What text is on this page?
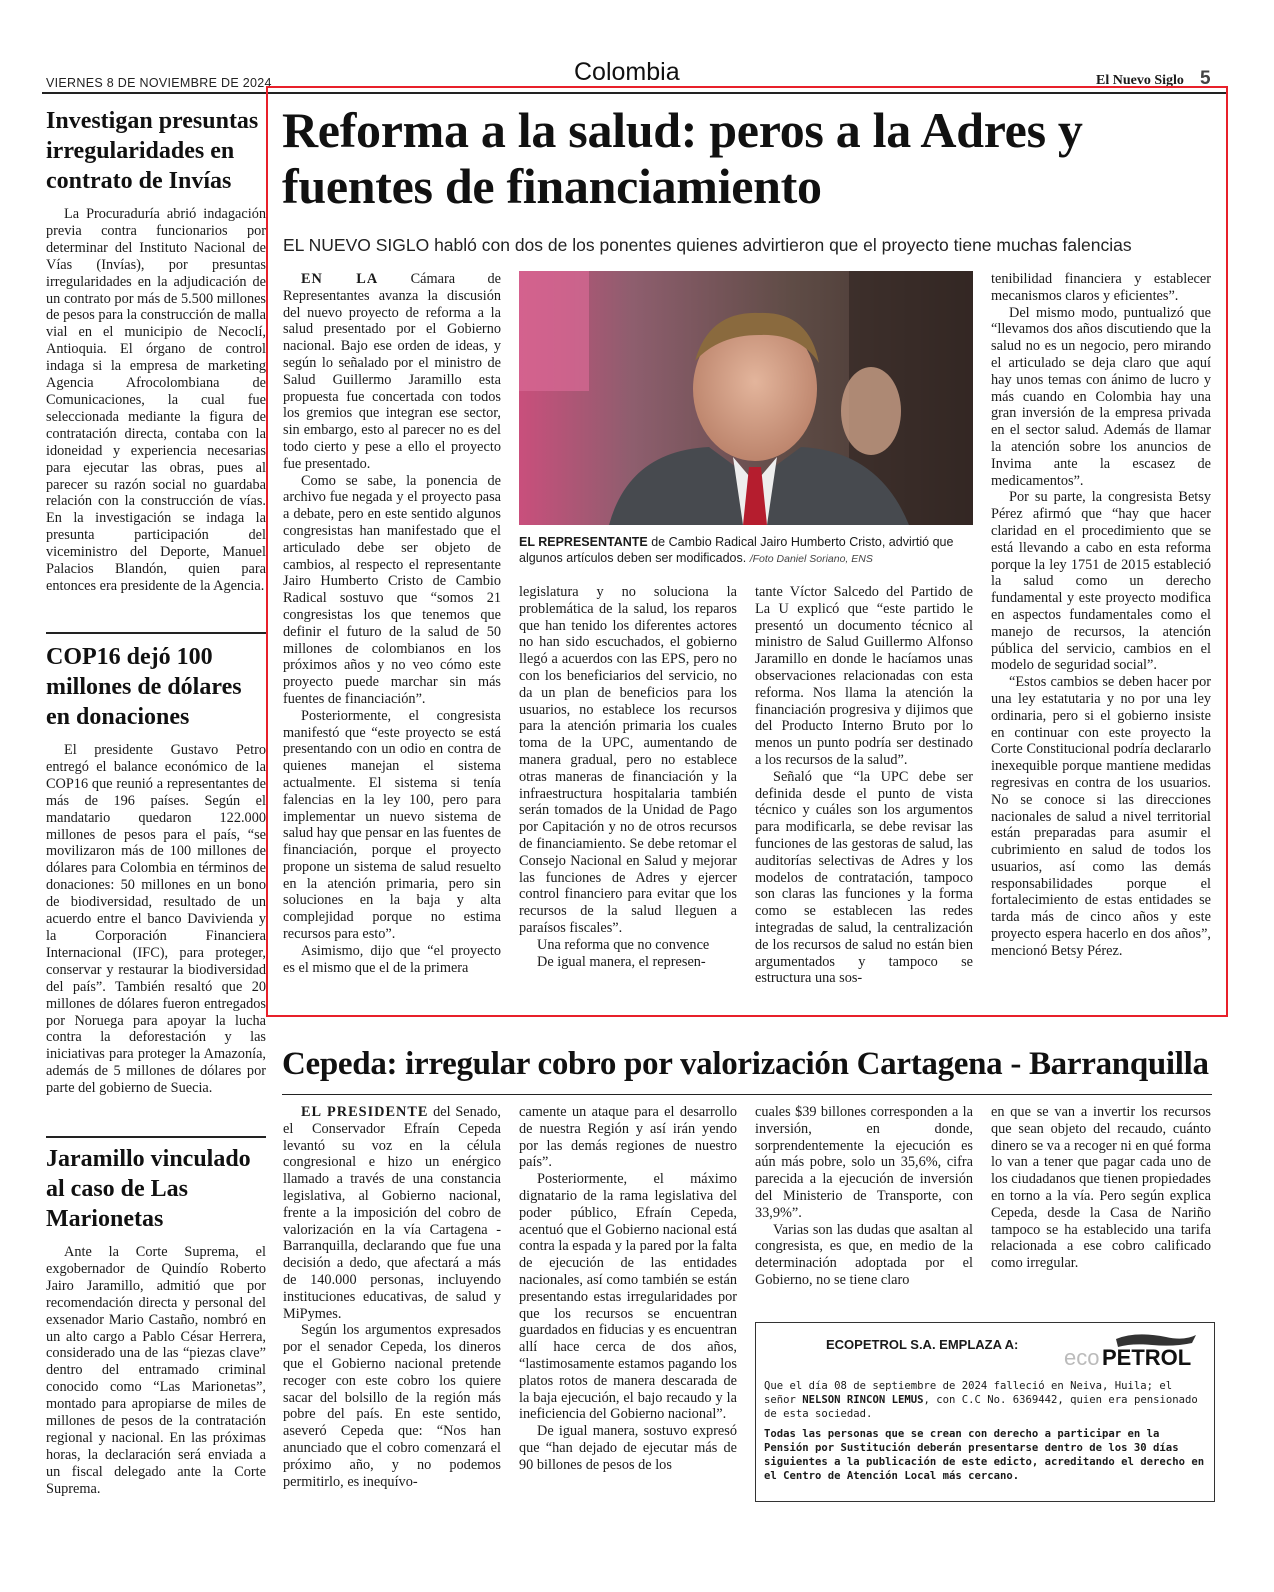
VIERNES 8 DE NOVIEMBRE DE 2024	Colombia	El Nuevo Siglo 5
Investigan presuntas irregularidades en contrato de Invías
La Procuraduría abrió indagación previa contra funcionarios por determinar del Instituto Nacional de Vías (Invías), por presuntas irregularidades en la adjudicación de un contrato por más de 5.500 millones de pesos para la construcción de malla vial en el municipio de Necoclí, Antioquia. El órgano de control indaga si la empresa de marketing Agencia Afrocolombiana de Comunicaciones, la cual fue seleccionada mediante la figura de contratación directa, contaba con la idoneidad y experiencia necesarias para ejecutar las obras, pues al parecer su razón social no guardaba relación con la construcción de vías. En la investigación se indaga la presunta participación del viceministro del Deporte, Manuel Palacios Blandón, quien para entonces era presidente de la Agencia.
COP16 dejó 100 millones de dólares en donaciones
El presidente Gustavo Petro entregó el balance económico de la COP16 que reunió a representantes de más de 196 países. Según el mandatario quedaron 122.000 millones de pesos para el país, “se movilizaron más de 100 millones de dólares para Colombia en términos de donaciones: 50 millones en un bono de biodiversidad, resultado de un acuerdo entre el banco Davivienda y la Corporación Financiera Internacional (IFC), para proteger, conservar y restaurar la biodiversidad del país”. También resaltó que 20 millones de dólares fueron entregados por Noruega para apoyar la lucha contra la deforestación y las iniciativas para proteger la Amazonía, además de 5 millones de dólares por parte del gobierno de Suecia.
Jaramillo vinculado al caso de Las Marionetas
Ante la Corte Suprema, el exgobernador de Quindío Roberto Jairo Jaramillo, admitió que por recomendación directa y personal del exsenador Mario Castaño, nombró en un alto cargo a Pablo César Herrera, considerado una de las “piezas clave” dentro del entramado criminal conocido como “Las Marionetas”, montado para apropiarse de miles de millones de pesos de la contratación regional y nacional. En las próximas horas, la declaración será enviada a un fiscal delegado ante la Corte Suprema.
Reforma a la salud: peros a la Adres y fuentes de financiamiento
EL NUEVO SIGLO habló con dos de los ponentes quienes advirtieron que el proyecto tiene muchas falencias

EN LA Cámara de Representantes avanza la discusión del nuevo proyecto de reforma a la salud presentado por el Gobierno nacional. Bajo ese orden de ideas, y según lo señalado por el ministro de Salud Guillermo Jaramillo esta propuesta fue concertada con todos los gremios que integran ese sector, sin embargo, esto al parecer no es del todo cierto y pese a ello el proyecto fue presentado.

Como se sabe, la ponencia de archivo fue negada y el proyecto pasa a debate, pero en este sentido algunos congresistas han manifestado que el articulado debe ser objeto de cambios, al respecto el representante Jairo Humberto Cristo de Cambio Radical sostuvo que “somos 21 congresistas los que tenemos que definir el futuro de la salud de 50 millones de colombianos en los próximos años y no veo cómo este proyecto puede marchar sin más fuentes de financiación”.

Posteriormente, el congresista manifestó que “este proyecto se está presentando con un odio en contra de quienes manejan el sistema actualmente. El sistema si tenía falencias en la ley 100, pero para implementar un nuevo sistema de salud hay que pensar en las fuentes de financiación, porque el proyecto propone un sistema de salud resuelto en la atención primaria, pero sin soluciones en la baja y alta complejidad porque no estima recursos para esto”.

Asimismo, dijo que “el proyecto es el mismo que el de la primera

EL REPRESENTANTE de Cambio Radical Jairo Humberto Cristo, advirtió que algunos artículos deben ser modificados. /Foto Daniel Soriano, ENS

legislatura y no soluciona la problemática de la salud, los reparos que han tenido los diferentes actores no han sido escuchados, el gobierno llegó a acuerdos con las EPS, pero no con los beneficiarios del servicio, no da un plan de beneficios para los usuarios, no establece los recursos para la atención primaria los cuales toma de la UPC, aumentando de manera gradual, pero no establece otras maneras de financiación y la infraestructura hospitalaria también serán tomados de la Unidad de Pago por Capitación y no de otros recursos de financiamiento. Se debe retomar el Consejo Nacional en Salud y mejorar las funciones de Adres y ejercer control financiero para evitar que los recursos de la salud lleguen a paraísos fiscales”.

Una reforma que no convence

De igual manera, el represen-

tante Víctor Salcedo del Partido de La U explicó que “este partido le presentó un documento técnico al ministro de Salud Guillermo Alfonso Jaramillo en donde le hacíamos unas observaciones relacionadas con esta reforma. Nos llama la atención la financiación progresiva y dijimos que del Producto Interno Bruto por lo menos un punto podría ser destinado a los recursos de la salud”.

Señaló que “la UPC debe ser definida desde el punto de vista técnico y cuáles son los argumentos para modificarla, se debe revisar las funciones de las gestoras de salud, las auditorías selectivas de Adres y los modelos de contratación, tampoco son claras las funciones y la forma como se establecen las redes integradas de salud, la centralización de los recursos de salud no están bien argumentados y tampoco se estructura una sos-

tenibilidad financiera y establecer mecanismos claros y eficientes”.

Del mismo modo, puntualizó que “llevamos dos años discutiendo que la salud no es un negocio, pero mirando el articulado se deja claro que aquí hay unos temas con ánimo de lucro y más cuando en Colombia hay una gran inversión de la empresa privada en el sector salud. Además de llamar la atención sobre los anuncios de Invima ante la escasez de medicamentos”.

Por su parte, la congresista Betsy Pérez afirmó que “hay que hacer claridad en el procedimiento que se está llevando a cabo en esta reforma porque la ley 1751 de 2015 estableció la salud como un derecho fundamental y este proyecto modifica en aspectos fundamentales como el manejo de recursos, la atención pública del servicio, cambios en el modelo de seguridad social”.

“Estos cambios se deben hacer por una ley estatutaria y no por una ley ordinaria, pero si el gobierno insiste en continuar con este proyecto la Corte Constitucional podría declararlo inexequible porque mantiene medidas regresivas en contra de los usuarios. No se conoce si las direcciones nacionales de salud a nivel territorial están preparadas para asumir el cubrimiento en salud de todos los usuarios, así como las demás responsabilidades porque el fortalecimiento de estas entidades se tarda más de cinco años y este proyecto espera hacerlo en dos años”, mencionó Betsy Pérez.

Cepeda: irregular cobro por valorización Cartagena - Barranquilla

EL PRESIDENTE del Senado, el Conservador Efraín Cepeda levantó su voz en la célula congresional e hizo un enérgico llamado a través de una constancia legislativa, al Gobierno nacional, frente a la imposición del cobro de valorización en la vía Cartagena - Barranquilla, declarando que fue una decisión a dedo, que afectará a más de 140.000 personas, incluyendo instituciones educativas, de salud y MiPymes.

Según los argumentos expresados por el senador Cepeda, los dineros que el Gobierno nacional pretende recoger con este cobro los quiere sacar del bolsillo de la región más pobre del país. En este sentido, aseveró Cepeda que: “Nos han anunciado que el cobro comenzará el próximo año, y no podemos permitirlo, es inequívo-

camente un ataque para el desarrollo de nuestra Región y así irán yendo por las demás regiones de nuestro país”.

Posteriormente, el máximo dignatario de la rama legislativa del poder público, Efraín Cepeda, acentuó que el Gobierno nacional está contra la espada y la pared por la falta de ejecución de las entidades nacionales, así como también se están presentando estas irregularidades por que los recursos se encuentran guardados en fiducias y es encuentran allí hace cerca de dos años, “lastimosamente estamos pagando los platos rotos de manera descarada de la baja ejecución, el bajo recaudo y la ineficiencia del Gobierno nacional”.

De igual manera, sostuvo expresó que “han dejado de ejecutar más de 90 billones de pesos de los

cuales $39 billones corresponden a la inversión, en donde, sorprendentemente la ejecución es aún más pobre, solo un 35,6%, cifra parecida a la ejecución de inversión del Ministerio de Transporte, con 33,9%”.

Varias son las dudas que asaltan al congresista, es que, en medio de la determinación adoptada por el Gobierno, no se tiene claro

en que se van a invertir los recursos que sean objeto del recaudo, cuánto dinero se va a recoger ni en qué forma lo van a tener que pagar cada uno de los ciudadanos que tienen propiedades en torno a la vía. Pero según explica Cepeda, desde la Casa de Nariño tampoco se ha establecido una tarifa relacionada a ese cobro calificado como irregular.

ECOPETROL S.A. EMPLAZA A:
eco PETROL
Que el día 08 de septiembre de 2024 falleció en Neiva, Huila; el señor NELSON RINCON LEMUS, con C.C No. 6369442, quien era pensionado de esta sociedad.
Todas las personas que se crean con derecho a participar en la Pensión por Sustitución deberán presentarse dentro de los 30 días siguientes a la publicación de este edicto, acreditando el derecho en el Centro de Atención Local más cercano.
